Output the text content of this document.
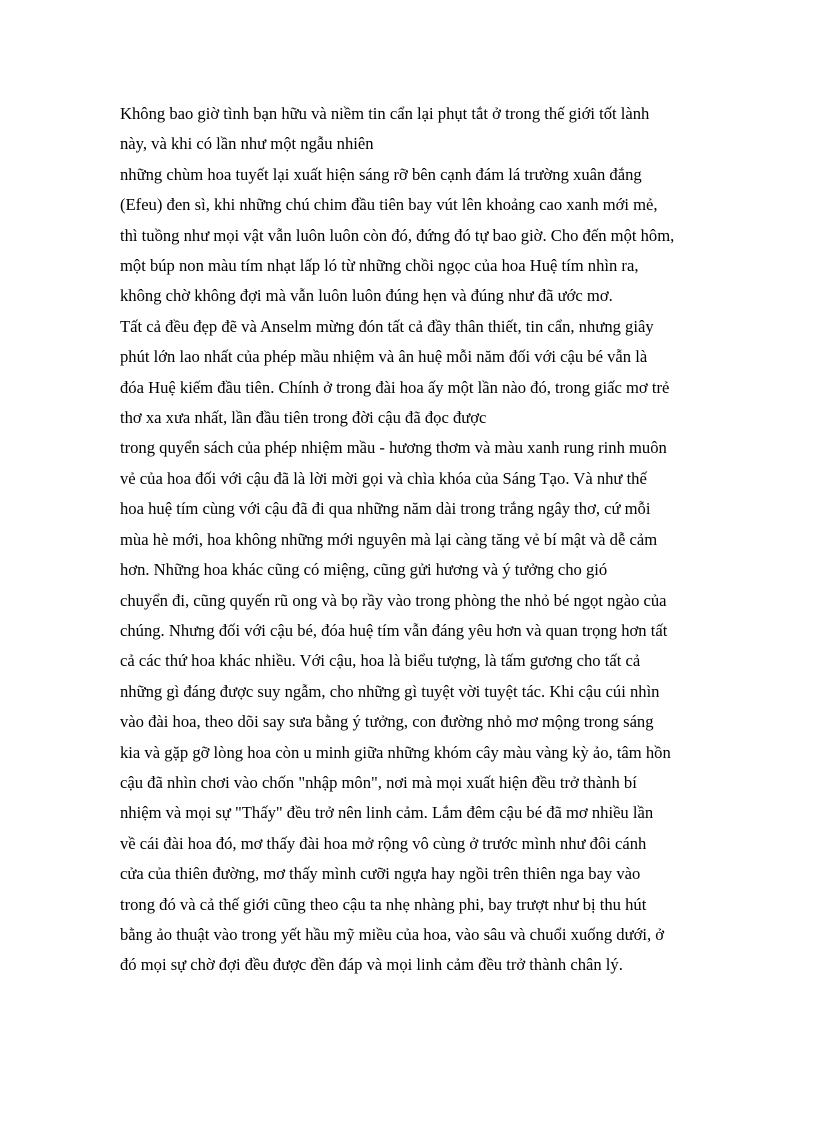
Không bao giờ tình bạn hữu và niềm tin cẩn lại phụt tắt ở trong thế giới tốt lành
này, và khi có lần như một ngẫu nhiên
những chùm hoa tuyết lại xuất hiện sáng rỡ bên cạnh đám lá trường xuân đắng
(Efeu) đen sì, khi những chú chim đầu tiên bay vút lên khoảng cao xanh mới mẻ,
thì tuồng như mọi vật vẫn luôn luôn còn đó, đứng đó tự bao giờ. Cho đến một hôm,
một búp non màu tím nhạt lấp ló từ những chồi ngọc của hoa Huệ tím nhìn ra,
không chờ không đợi mà vẫn luôn luôn đúng hẹn và đúng như đã ước mơ.
Tất cả đều đẹp đẽ và Anselm mừng đón tất cả đầy thân thiết, tin cẩn, nhưng giây
phút lớn lao nhất của phép mầu nhiệm và ân huệ mỗi năm đối với cậu bé vẫn là
đóa Huệ kiếm đầu tiên. Chính ở trong đài hoa ấy một lần nào đó, trong giấc mơ trẻ
thơ xa xưa nhất, lần đầu tiên trong đời cậu đã đọc được
trong quyển sách của phép nhiệm mầu - hương thơm và màu xanh rung rinh muôn
vẻ của hoa đối với cậu đã là lời mời gọi và chìa khóa của Sáng Tạo. Và như thế
hoa huệ tím cùng với cậu đã đi qua những năm dài trong trắng ngây thơ, cứ mỗi
mùa hè mới, hoa không những mới nguyên mà lại càng tăng vẻ bí mật và dễ cảm
hơn. Những hoa khác cũng có miệng, cũng gửi hương và ý tưởng cho gió
chuyển đi, cũng quyến rũ ong và bọ rầy vào trong phòng the nhỏ bé ngọt ngào của
chúng. Nhưng đối với cậu bé, đóa huệ tím vẫn đáng yêu hơn và quan trọng hơn tất
cả các thứ hoa khác nhiều. Với cậu, hoa là biểu tượng, là tấm gương cho tất cả
những gì đáng được suy ngẫm, cho những gì tuyệt vời tuyệt tác. Khi cậu cúi nhìn
vào đài hoa, theo dõi say sưa bằng ý tưởng, con đường nhỏ mơ mộng trong sáng
kia và gặp gỡ lòng hoa còn u minh giữa những khóm cây màu vàng kỳ ảo, tâm hồn
cậu đã nhìn chơi vào chốn "nhập môn", nơi mà mọi xuất hiện đều trở thành bí
nhiệm và mọi sự "Thấy" đều trở nên linh cảm. Lắm đêm cậu bé đã mơ nhiều lần
về cái đài hoa đó, mơ thấy đài hoa mở rộng vô cùng ở trước mình như đôi cánh
cửa của thiên đường, mơ thấy mình cưỡi ngựa hay ngồi trên thiên nga bay vào
trong đó và cả thế giới cũng theo cậu ta nhẹ nhàng phi, bay trượt như bị thu hút
bằng ảo thuật vào trong yết hầu mỹ miều của hoa, vào sâu và chuổi xuống dưới, ở
đó mọi sự chờ đợi đều được đền đáp và mọi linh cảm đều trở thành chân lý.
